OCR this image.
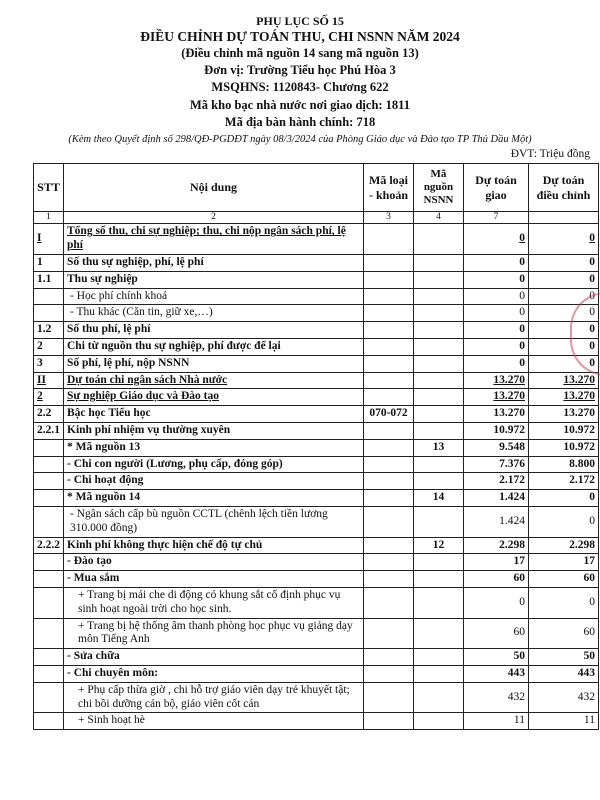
PHỤ LỤC SỐ 15
ĐIỀU CHỈNH DỰ TOÁN THU, CHI NSNN NĂM 2024
(Điều chỉnh mã nguồn 14 sang mã nguồn 13)
Đơn vị: Trường Tiểu học Phú Hòa 3
MSQHNS: 1120843- Chương 622
Mã kho bạc nhà nước nơi giao dịch: 1811
Mã địa bàn hành chính: 718
(Kèm theo Quyết định số 298/QĐ-PGDĐT ngày 08/3/2024 của Phòng Giáo dục và Đào tạo TP Thủ Dầu Một)
ĐVT: Triệu đồng
STT	Nội dung	Mã loại - khoản	Mã nguồn NSNN	Dự toán giao	Dự toán điều chỉnh
1	2	3	4	7	
I	Tổng số thu, chi sự nghiệp; thu, chi nộp ngân sách phí, lệ phí			0	0
1	Số thu sự nghiệp, phí, lệ phí			0	0
1.1	Thu sự nghiệp			0	0
	- Học phí chính khoá			0	0
	- Thu khác (Căn tin, giữ xe,…)			0	0
1.2	Số thu phí, lệ phí			0	0
2	Chi từ nguồn thu sự nghiệp, phí được để lại			0	0
3	Số phí, lệ phí, nộp NSNN			0	0
II	Dự toán chi ngân sách Nhà nước			13.270	13.270
2	Sự nghiệp Giáo dục và Đào tạo			13.270	13.270
2.2	Bậc học Tiểu học	070-072		13.270	13.270
2.2.1	Kinh phí nhiệm vụ thường xuyên			10.972	10.972
	* Mã nguồn 13		13	9.548	10.972
	- Chi con người (Lương, phụ cấp, đóng góp)			7.376	8.800
	- Chi hoạt động			2.172	2.172
	* Mã nguồn 14		14	1.424	0
	- Ngân sách cấp bù nguồn CCTL (chênh lệch tiền lương 310.000 đồng)			1.424	0
2.2.2	Kinh phí không thực hiện chế độ tự chủ		12	2.298	2.298
	- Đào tạo			17	17
	- Mua sắm			60	60
	+ Trang bị mái che di động có khung sắt cố định phục vụ sinh hoạt ngoài trời cho học sinh.			0	0
	+ Trang bị hệ thống âm thanh phòng học phục vụ giảng dạy môn Tiếng Anh			60	60
	- Sửa chữa			50	50
	- Chi chuyên môn:			443	443
	+ Phụ cấp thừa giờ , chi hỗ trợ giáo viên dạy trẻ khuyết tật; chi bồi dưỡng cán bộ, giáo viên cốt cán			432	432
	+ Sinh hoạt hè			11	11
